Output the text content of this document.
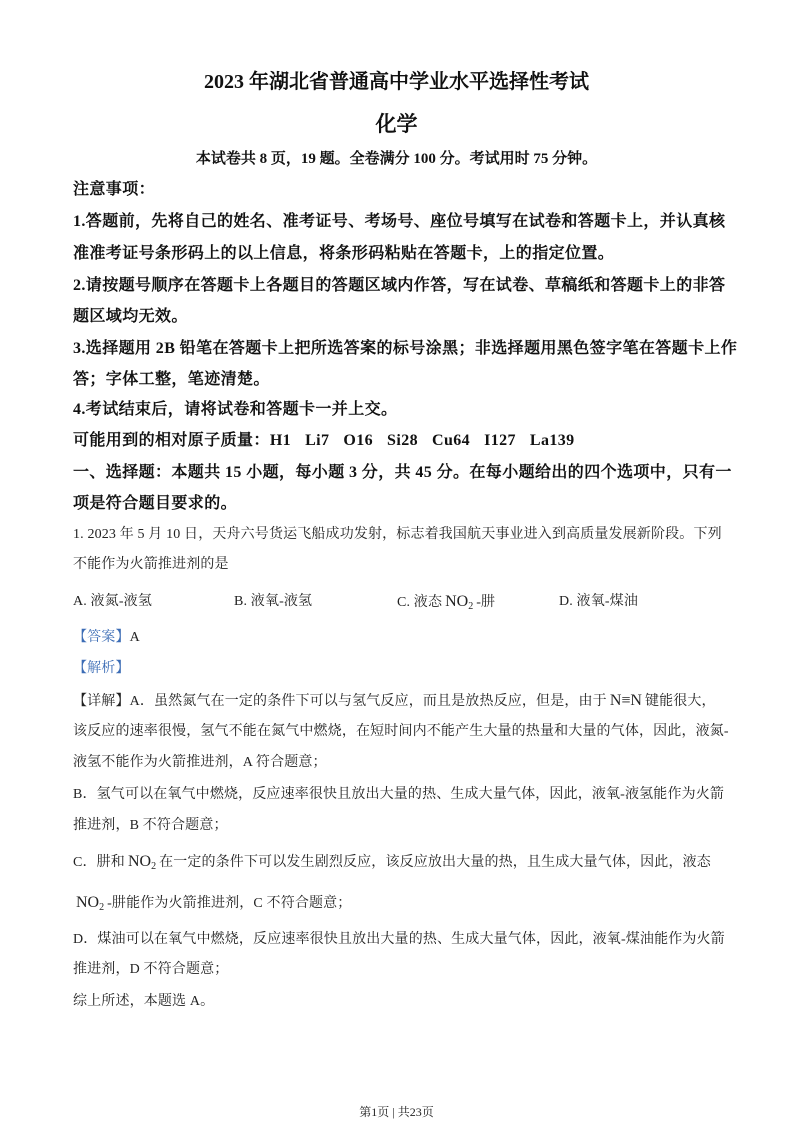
2023 年湖北省普通高中学业水平选择性考试
化学
本试卷共 8 页，19 题。全卷满分 100 分。考试用时 75 分钟。
注意事项：
1.答题前，先将自己的姓名、准考证号、考场号、座位号填写在试卷和答题卡上，并认真核
准准考证号条形码上的以上信息，将条形码粘贴在答题卡，上的指定位置。
2.请按题号顺序在答题卡上各题目的答题区域内作答，写在试卷、草稿纸和答题卡上的非答
题区域均无效。
3.选择题用 2B 铅笔在答题卡上把所选答案的标号涂黑；非选择题用黑色签字笔在答题卡上作
答；字体工整，笔迹清楚。
4.考试结束后，请将试卷和答题卡一并上交。
可能用到的相对原子质量：H1 Li7 O16 Si28 Cu64 I127 La139
一、选择题：本题共 15 小题，每小题 3 分，共 45 分。在每小题给出的四个选项中，只有一
项是符合题目要求的。
1. 2023 年 5 月 10 日，天舟六号货运飞船成功发射，标志着我国航天事业进入到高质量发展新阶段。下列
不能作为火箭推进剂的是
A. 液氮-液氢	B. 液氧-液氢	C. 液态 $NO_2$ -肼	D. 液氧-煤油
【答案】A
【解析】
【详解】A．虽然氮气在一定的条件下可以与氢气反应，而且是放热反应，但是，由于 N≡N 键能很大，
该反应的速率很慢，氢气不能在氮气中燃烧，在短时间内不能产生大量的热量和大量的气体，因此，液氮-
液氢不能作为火箭推进剂，A 符合题意；
B．氢气可以在氧气中燃烧，反应速率很快且放出大量的热、生成大量气体，因此，液氧-液氢能作为火箭
推进剂，B 不符合题意；
C．肼和 $NO_2$ 在一定的条件下可以发生剧烈反应，该反应放出大量的热，且生成大量气体，因此，液态
$NO_2$ -肼能作为火箭推进剂，C 不符合题意；
D．煤油可以在氧气中燃烧，反应速率很快且放出大量的热、生成大量气体，因此，液氧-煤油能作为火箭
推进剂，D 不符合题意；
综上所述，本题选 A。
第1页 | 共23页
